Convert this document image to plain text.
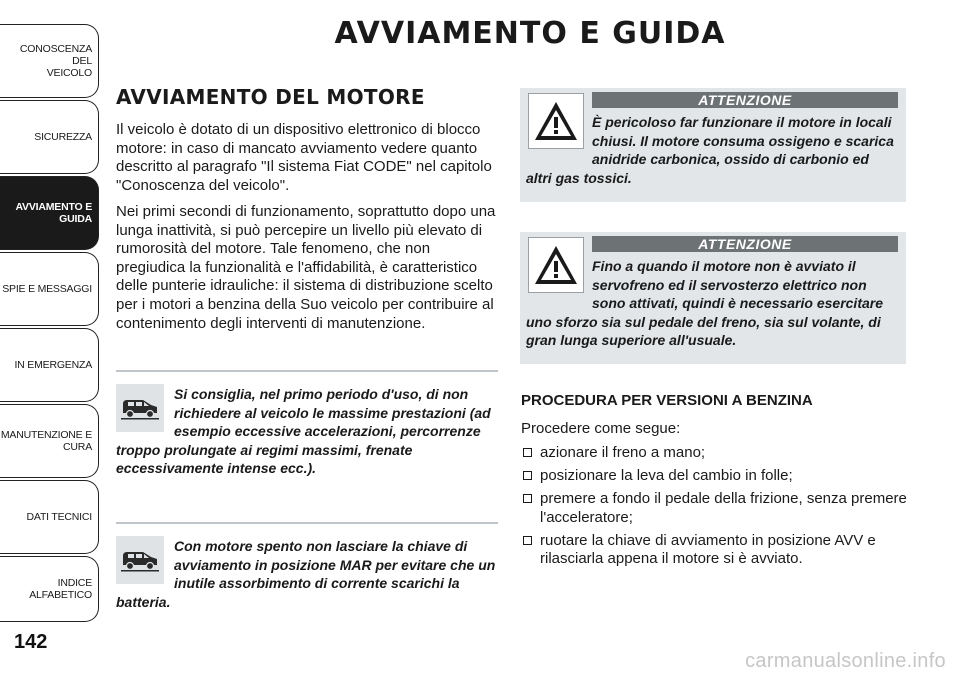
CONOSCENZA DEL
VEICOLO
SICUREZZA
AVVIAMENTO E
GUIDA
SPIE E MESSAGGI
IN EMERGENZA
MANUTENZIONE E
CURA
DATI TECNICI
INDICE ALFABETICO
142
AVVIAMENTO E GUIDA
AVVIAMENTO DEL MOTORE

Il veicolo è dotato di un dispositivo elettronico di blocco motore: in caso di mancato avviamento vedere quanto descritto al paragrafo "Il sistema Fiat CODE" nel capitolo "Conoscenza del veicolo".

Nei primi secondi di funzionamento, soprattutto dopo una lunga inattività, si può percepire un livello più elevato di rumorosità del motore. Tale fenomeno, che non pregiudica la funzionalità e l'affidabilità, è caratteristico delle punterie idrauliche: il sistema di distribuzione scelto per i motori a benzina della Suo veicolo per contribuire al contenimento degli interventi di manutenzione.

Si consiglia, nel primo periodo d'uso, di non richiedere al veicolo le massime prestazioni (ad esempio eccessive accelerazioni, percorrenze troppo prolungate ai regimi massimi, frenate eccessivamente intense ecc.).
Con motore spento non lasciare la chiave di avviamento in posizione MAR per evitare che un inutile assorbimento di corrente scarichi la batteria.
ATTENZIONE
È pericoloso far funzionare il motore in locali chiusi. Il motore consuma ossigeno e scarica anidride carbonica, ossido di carbonio ed altri gas tossici.
ATTENZIONE
Fino a quando il motore non è avviato il servofreno ed il servosterzo elettrico non sono attivati, quindi è necessario esercitare uno sforzo sia sul pedale del freno, sia sul volante, di gran lunga superiore all'usuale.
PROCEDURA PER VERSIONI A BENZINA

Procedere come segue:

azionare il freno a mano;
posizionare la leva del cambio in folle;
premere a fondo il pedale della frizione, senza premere l'acceleratore;
ruotare la chiave di avviamento in posizione AVV e rilasciarla appena il motore si è avviato.
carmanualsonline.info
